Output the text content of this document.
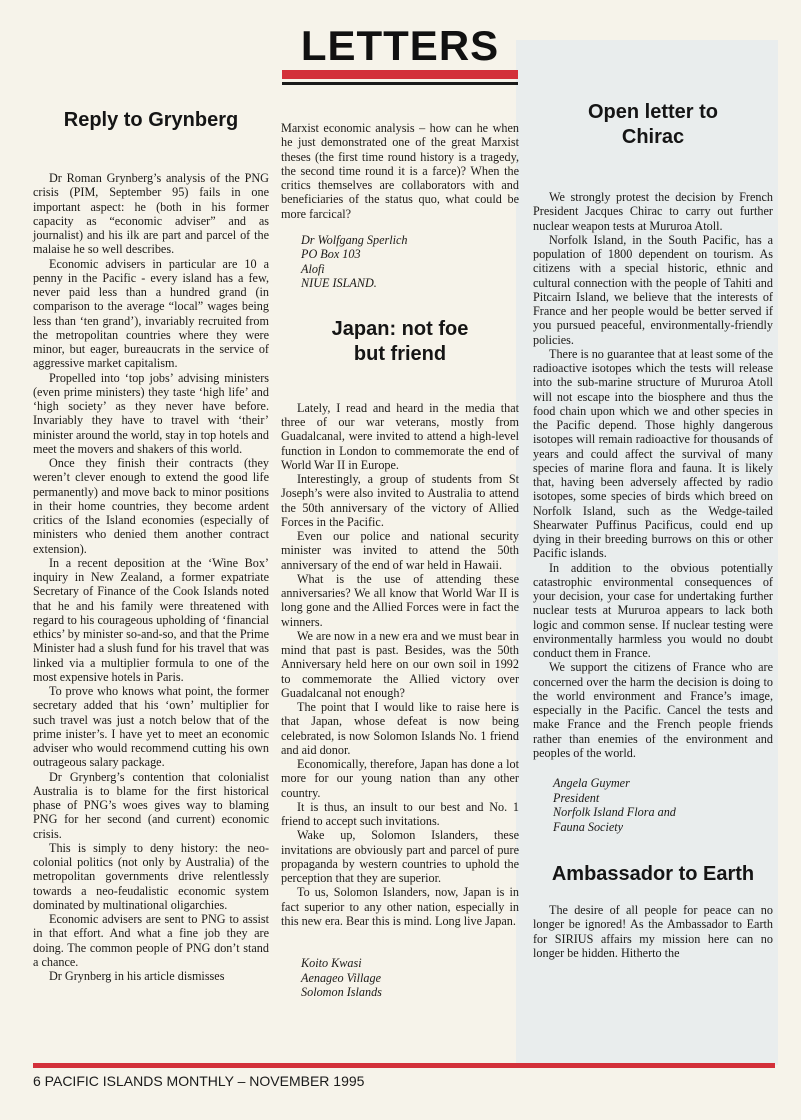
LETTERS
Reply to Grynberg

Dr Roman Grynberg’s analysis of the PNG crisis (PIM, September 95) fails in one important aspect: he (both in his former capacity as “economic adviser” and as journalist) and his ilk are part and parcel of the malaise he so well describes.

Economic advisers in particular are 10 a penny in the Pacific - every island has a few, never paid less than a hundred grand (in comparison to the average “local” wages being less than ‘ten grand’), invariably recruited from the metropolitan countries where they were minor, but eager, bureaucrats in the service of aggressive market capitalism.

Propelled into ‘top jobs’ advising ministers (even prime ministers) they taste ‘high life’ and ‘high society’ as they never have before. Invariably they have to travel with ‘their’ minister around the world, stay in top hotels and meet the movers and shakers of this world.

Once they finish their contracts (they weren’t clever enough to extend the good life permanently) and move back to minor positions in their home countries, they become ardent critics of the Island economies (especially of ministers who denied them another contract extension).

In a recent deposition at the ‘Wine Box’ inquiry in New Zealand, a former expatriate Secretary of Finance of the Cook Islands noted that he and his family were threatened with regard to his courageous upholding of ‘financial ethics’ by minister so-and-so, and that the Prime Minister had a slush fund for his travel that was linked via a multiplier formula to one of the most expensive hotels in Paris.

To prove who knows what point, the former secretary added that his ‘own’ multiplier for such travel was just a notch below that of the prime inister’s. I have yet to meet an economic adviser who would recommend cutting his own outrageous salary package.

Dr Grynberg’s contention that colonialist Australia is to blame for the first historical phase of PNG’s woes gives way to blaming PNG for her second (and current) economic crisis.

This is simply to deny history: the neo-colonial politics (not only by Australia) of the metropolitan governments drive relentlessly towards a neo-feudalistic economic system dominated by multinational oligarchies.

Economic advisers are sent to PNG to assist in that effort. And what a fine job they are doing. The common people of PNG don’t stand a chance.

Dr Grynberg in his article dismisses

Marxist economic analysis – how can he when he just demonstrated one of the great Marxist theses (the first time round history is a tragedy, the second time round it is a farce)? When the critics themselves are collaborators with and beneficiaries of the status quo, what could be more farcical?

Dr Wolfgang Sperlich
PO Box 103
Alofi
NIUE ISLAND.
Japan: not foe but friend

Lately, I read and heard in the media that three of our war veterans, mostly from Guadalcanal, were invited to attend a high-level function in London to commemorate the end of World War II in Europe.

Interestingly, a group of students from St Joseph’s were also invited to Australia to attend the 50th anniversary of the victory of Allied Forces in the Pacific.

Even our police and national security minister was invited to attend the 50th anniversary of the end of war held in Hawaii.

What is the use of attending these anniversaries? We all know that World War II is long gone and the Allied Forces were in fact the winners.

We are now in a new era and we must bear in mind that past is past. Besides, was the 50th Anniversary held here on our own soil in 1992 to commemorate the Allied victory over Guadalcanal not enough?

The point that I would like to raise here is that Japan, whose defeat is now being celebrated, is now Solomon Islands No. 1 friend and aid donor.

Economically, therefore, Japan has done a lot more for our young nation than any other country.

It is thus, an insult to our best and No. 1 friend to accept such invitations.

Wake up, Solomon Islanders, these invitations are obviously part and parcel of pure propaganda by western countries to uphold the perception that they are superior.

To us, Solomon Islanders, now, Japan is in fact superior to any other nation, especially in this new era. Bear this is mind. Long live Japan.

Koito Kwasi
Aenageo Village
Solomon Islands
Open letter to Chirac

We strongly protest the decision by French President Jacques Chirac to carry out further nuclear weapon tests at Mururoa Atoll.

Norfolk Island, in the South Pacific, has a population of 1800 dependent on tourism. As citizens with a special historic, ethnic and cultural connection with the people of Tahiti and Pitcairn Island, we believe that the interests of France and her people would be better served if you pursued peaceful, environmentally-friendly policies.

There is no guarantee that at least some of the radioactive isotopes which the tests will release into the sub-marine structure of Mururoa Atoll will not escape into the biosphere and thus the food chain upon which we and other species in the Pacific depend. Those highly dangerous isotopes will remain radioactive for thousands of years and could affect the survival of many species of marine flora and fauna. It is likely that, having been adversely affected by radio isotopes, some species of birds which breed on Norfolk Island, such as the Wedge-tailed Shearwater Puffinus Pacificus, could end up dying in their breeding burrows on this or other Pacific islands.

In addition to the obvious potentially catastrophic environmental consequences of your decision, your case for undertaking further nuclear tests at Mururoa appears to lack both logic and common sense. If nuclear testing were environmentally harmless you would no doubt conduct them in France.

We support the citizens of France who are concerned over the harm the decision is doing to the world environment and France’s image, especially in the Pacific. Cancel the tests and make France and the French people friends rather than enemies of the environment and peoples of the world.

Angela Guymer
President
Norfolk Island Flora and
Fauna Society
Ambassador to Earth

The desire of all people for peace can no longer be ignored! As the Ambassador to Earth for SIRIUS affairs my mission here can no longer be hidden. Hitherto the

6 PACIFIC ISLANDS MONTHLY – NOVEMBER 1995
